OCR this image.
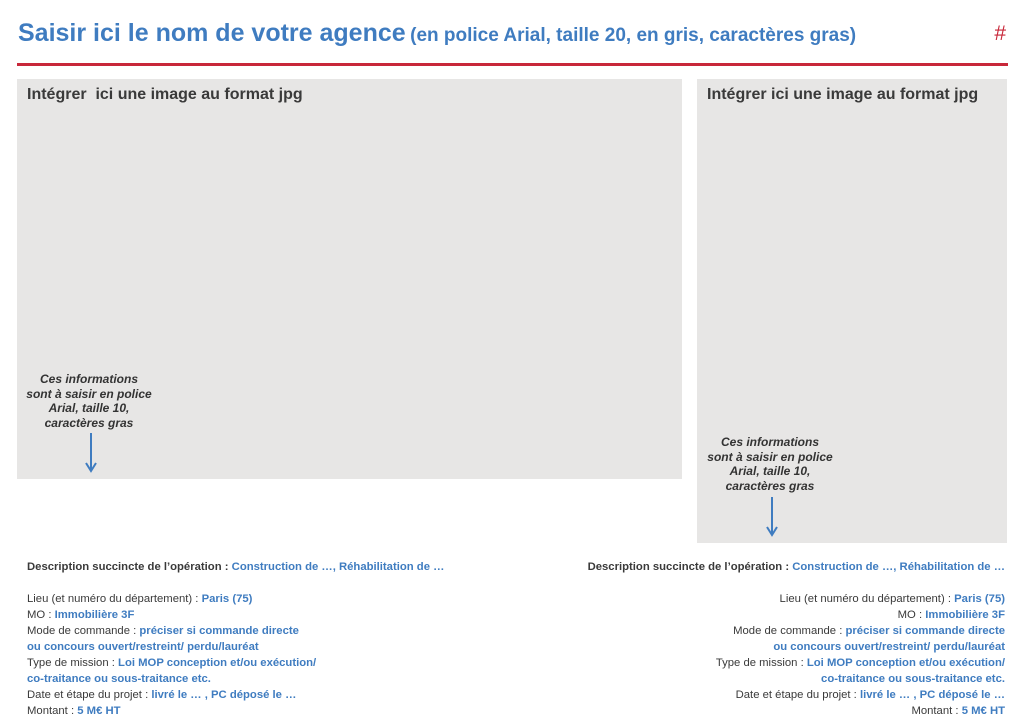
Saisir ici le nom de votre agence (en police Arial, taille 20, en gris, caractères gras)	#
Intégrer  ici une image au format jpg
Ces informations
sont à saisir en police
Arial, taille 10,
caractères gras
Intégrer ici une image au format jpg
Ces informations
sont à saisir en police
Arial, taille 10,
caractères gras
Description succincte de l’opération : Construction de …, Réhabilitation de …
Lieu (et numéro du département) : Paris (75)
MO : Immobilière 3F
Mode de commande : préciser si commande directe
ou concours ouvert/restreint/ perdu/lauréat
Type de mission : Loi MOP conception et/ou exécution/
co-traitance ou sous-traitance etc.
Date et étape du projet : livré le … , PC déposé le …
Montant : 5 M€ HT
Description succincte de l’opération : Construction de …, Réhabilitation de …
Lieu (et numéro du département) : Paris (75)
MO : Immobilière 3F
Mode de commande : préciser si commande directe
ou concours ouvert/restreint/ perdu/lauréat
Type de mission : Loi MOP conception et/ou exécution/
co-traitance ou sous-traitance etc.
Date et étape du projet : livré le … , PC déposé le …
Montant : 5 M€ HT
